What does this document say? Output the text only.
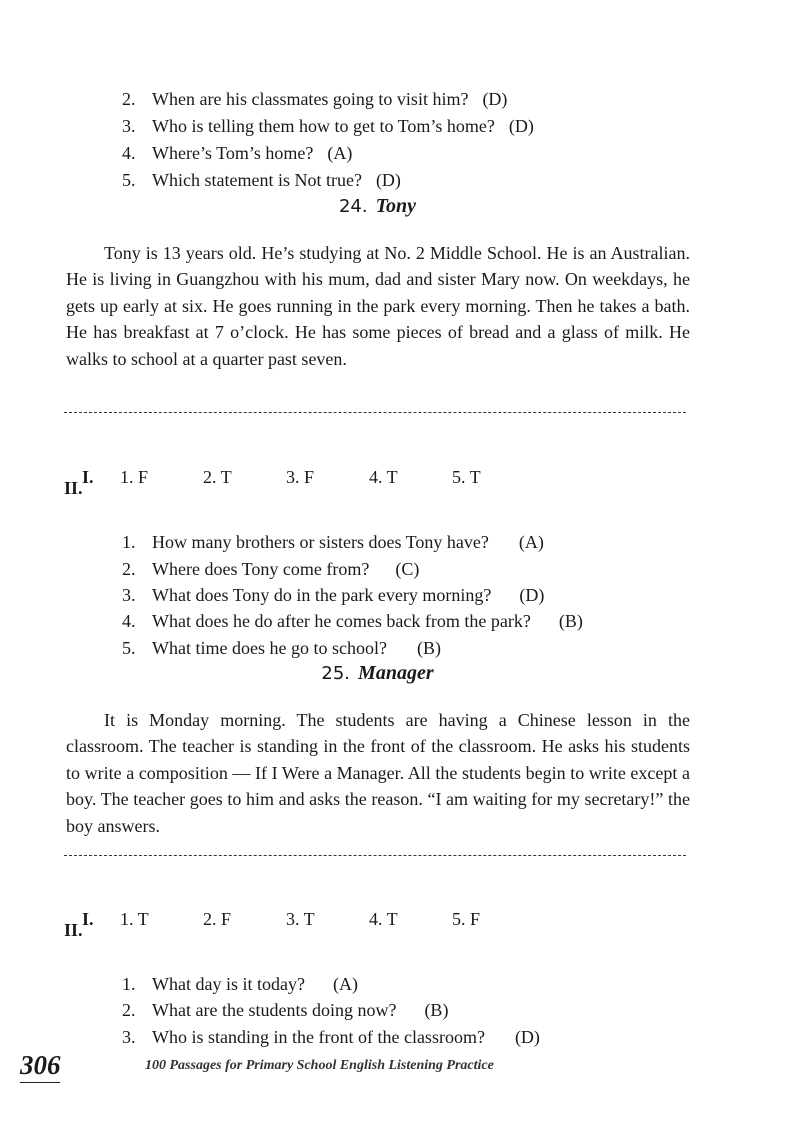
2. When are his classmates going to visit him? (D)

3. Who is telling them how to get to Tom’s home? (D)

4. Where’s Tom’s home? (A)

5. Which statement is Not true? (D)

24. Tony

Tony is 13 years old. He’s studying at No. 2 Middle School. He is an Australian. He is living in Guangzhou with his mum, dad and sister Mary now. On weekdays, he gets up early at six. He goes running in the park every morning. Then he takes a bath. He has breakfast at 7 o’clock. He has some pieces of bread and a glass of milk. He walks to school at a quarter past seven.

I. 1. F	2. T	3. F	4. T	5. T

II.

1. How many brothers or sisters does Tony have? (A)

2. Where does Tony come from? (C)

3. What does Tony do in the park every morning? (D)

4. What does he do after he comes back from the park? (B)

5. What time does he go to school? (B)

25. Manager

It is Monday morning. The students are having a Chinese lesson in the classroom. The teacher is standing in the front of the classroom. He asks his students to write a composition — If I Were a Manager. All the students begin to write except a boy. The teacher goes to him and asks the reason. “I am waiting for my secretary!” the boy answers.

I. 1. T	2. F	3. T	4. T	5. F

II.

1. What day is it today? (A)

2. What are the students doing now? (B)

3. Who is standing in the front of the classroom? (D)

306	100 Passages for Primary School English Listening Practice
